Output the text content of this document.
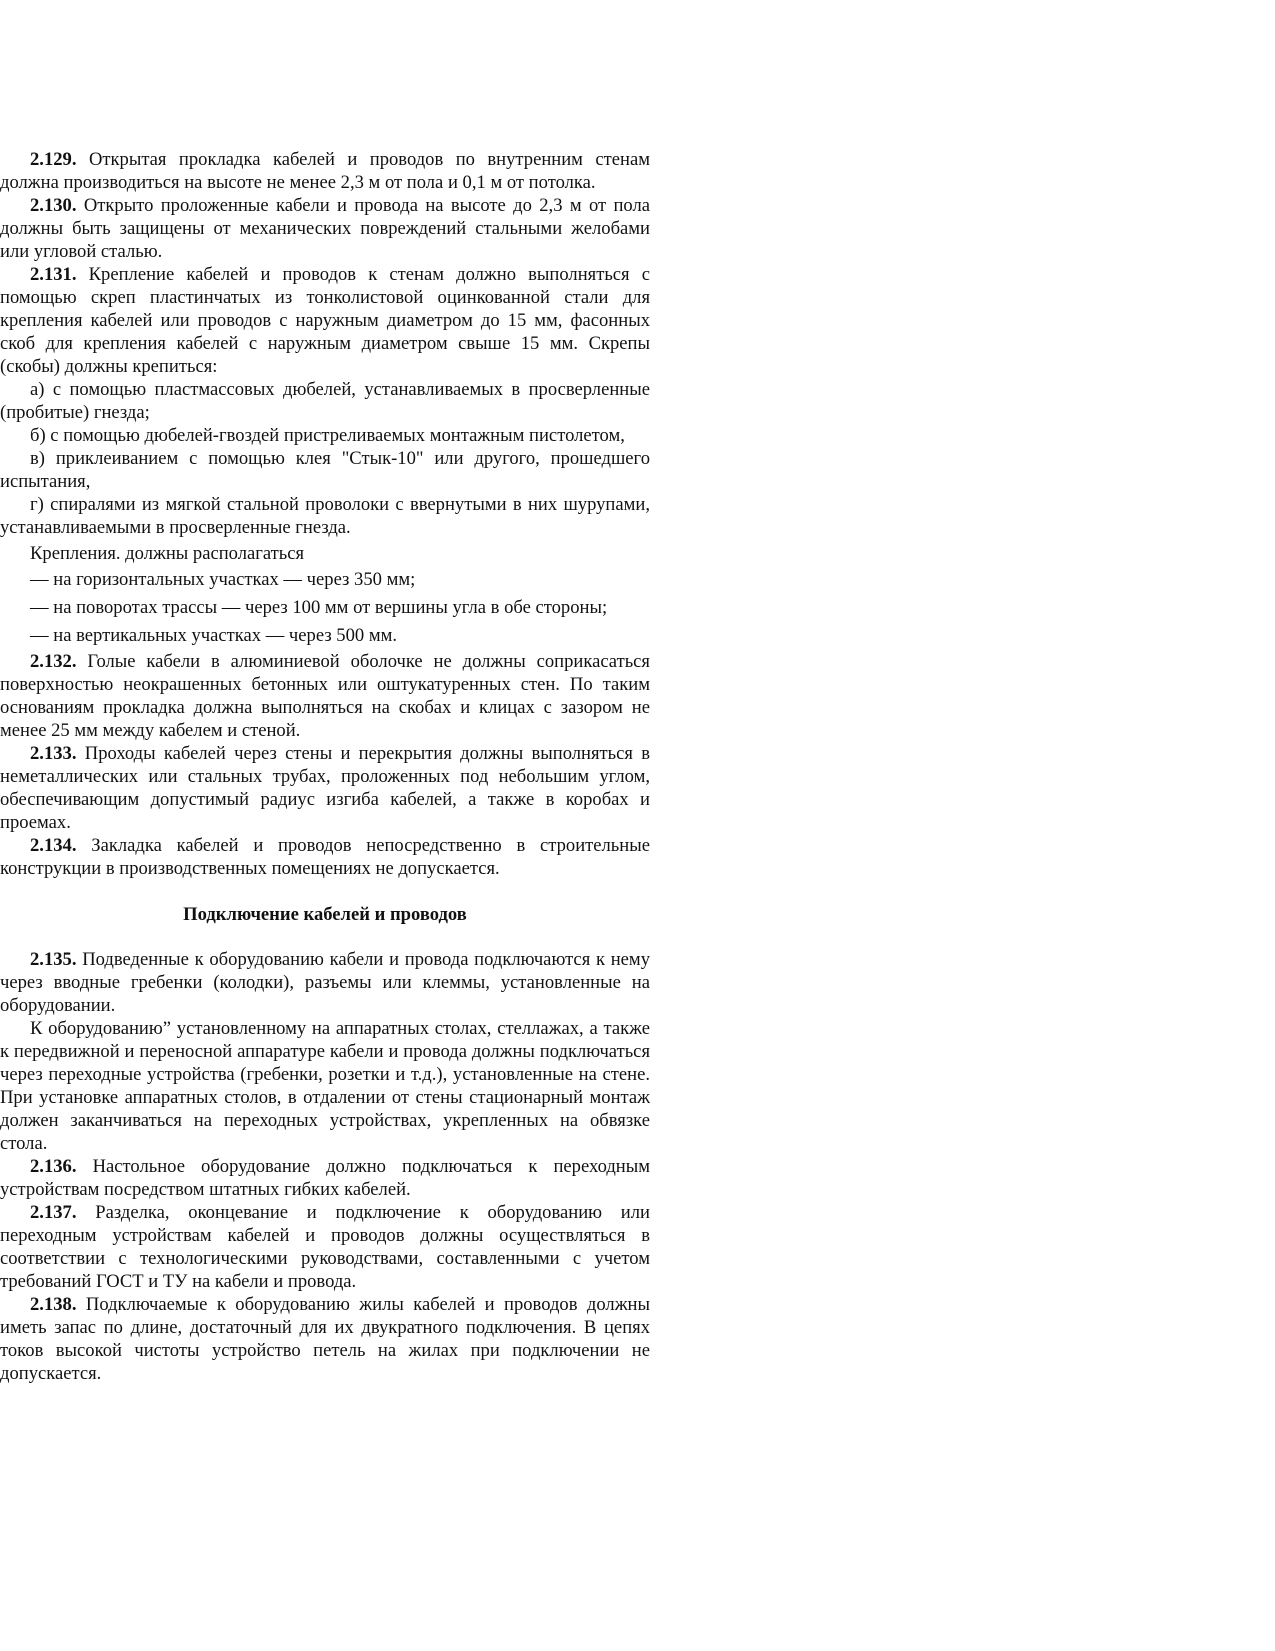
2.129. Открытая прокладка кабелей и проводов по внутренним стенам должна производиться на высоте не менее 2,3 м от пола и 0,1 м от потолка.

2.130. Открыто проложенные кабели и провода на высоте до 2,3 м от пола должны быть защищены от механических повреждений стальными желобами или угловой сталью.

2.131. Крепление кабелей и проводов к стенам должно выполняться с помощью скреп пластинчатых из тонколистовой оцинкованной стали для крепления кабелей или проводов с наружным диаметром до 15 мм, фасонных скоб для крепления кабелей с наружным диаметром свыше 15 мм. Скрепы (скобы) должны крепиться:

а) с помощью пластмассовых дюбелей, устанавливаемых в просверленные (пробитые) гнезда;

б) с помощью дюбелей-гвоздей пристреливаемых монтажным пистолетом,

в) приклеиванием с помощью клея "Стык-10" или другого, прошедшего испытания,

г) спиралями из мягкой стальной проволоки с ввернутыми в них шурупами, устанавливаемыми в просверленные гнезда.

Крепления. должны располагаться

— на горизонтальных участках — через 350 мм;

— на поворотах трассы — через 100 мм от вершины угла в обе стороны;

— на вертикальных участках — через 500 мм.

2.132. Голые кабели в алюминиевой оболочке не должны соприкасаться поверхностью неокрашенных бетонных или оштукатуренных стен. По таким основаниям прокладка должна выполняться на скобах и клицах с зазором не менее 25 мм между кабелем и стеной.

2.133. Проходы кабелей через стены и перекрытия должны выполняться в неметаллических или стальных трубах, проложенных под небольшим углом, обеспечивающим допустимый радиус изгиба кабелей, а также в коробах и проемах.

2.134. Закладка кабелей и проводов непосредственно в строительные конструкции в производственных помещениях не допускается.

Подключение кабелей и проводов

2.135. Подведенные к оборудованию кабели и провода подключаются к нему через вводные гребенки (колодки), разъемы или клеммы, установленные на оборудовании.

К оборудованию” установленному на аппаратных столах, стеллажах, а также к передвижной и переносной аппаратуре кабели и провода должны подключаться через переходные устройства (гребенки, розетки и т.д.), установленные на стене. При установке аппаратных столов, в отдалении от стены стационарный монтаж должен заканчиваться на переходных устройствах, укрепленных на обвязке стола.

2.136. Настольное оборудование должно подключаться к переходным устройствам посредством штатных гибких кабелей.

2.137. Разделка, оконцевание и подключение к оборудованию или переходным устройствам кабелей и проводов должны осуществляться в соответствии с технологическими руководствами, составленными с учетом требований ГОСТ и ТУ на кабели и провода.

2.138. Подключаемые к оборудованию жилы кабелей и проводов должны иметь запас по длине, достаточный для их двукратного подключения. В цепях токов высокой чистоты устройство петель на жилах при подключении не допускается.
